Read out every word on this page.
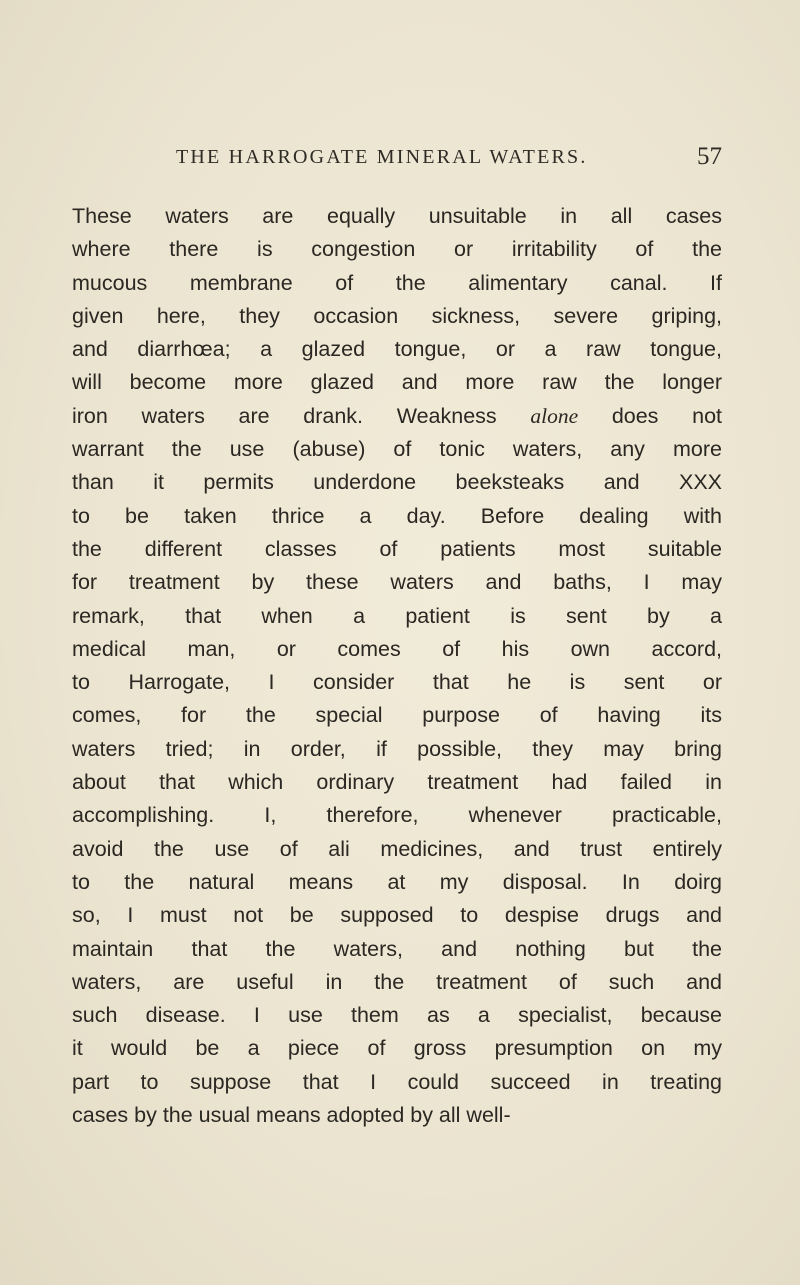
THE HARROGATE MINERAL WATERS.	57
These waters are equally unsuitable in all cases
where there is congestion or irritability of the
mucous membrane of the alimentary canal. If
given here, they occasion sickness, severe griping,
and diarrhœa; a glazed tongue, or a raw tongue,
will become more glazed and more raw the longer
iron waters are drank. Weakness alone does not
warrant the use (abuse) of tonic waters, any more
than it permits underdone beeksteaks and XXX
to be taken thrice a day. Before dealing with
the different classes of patients most suitable
for treatment by these waters and baths, I may
remark, that when a patient is sent by a
medical man, or comes of his own accord,
to Harrogate, I consider that he is sent or
comes, for the special purpose of having its
waters tried; in order, if possible, they may bring
about that which ordinary treatment had failed in
accomplishing. I, therefore, whenever practicable,
avoid the use of ali medicines, and trust entirely
to the natural means at my disposal. In doirg
so, I must not be supposed to despise drugs and
maintain that the waters, and nothing but the
waters, are useful in the treatment of such and
such disease. I use them as a specialist, because
it would be a piece of gross presumption on my
part to suppose that I could succeed in treating
cases by the usual means adopted by all well-
